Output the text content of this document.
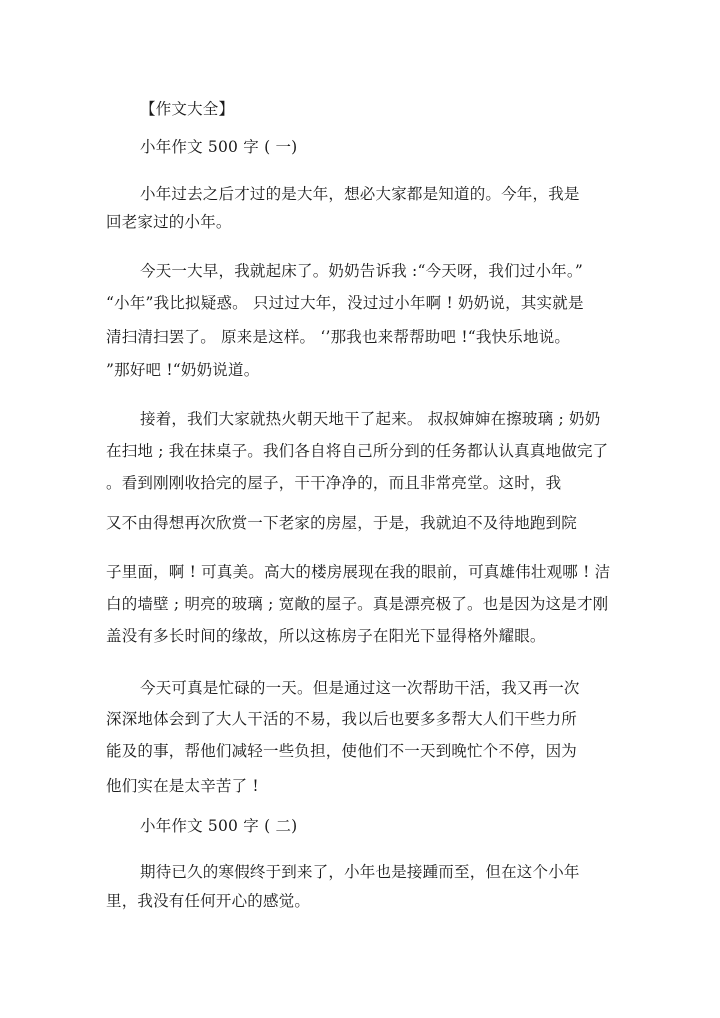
【作文大全】
小年作文 500 字 ( 一)
小年过去之后才过的是大年，想必大家都是知道的。今年，我是
回老家过的小年。
今天一大早，我就起床了。奶奶告诉我 :“今天呀，我们过小年。”
“小年”我比拟疑惑。 只过过大年，没过过小年啊 ! 奶奶说，其实就是
清扫清扫罢了。 原来是这样。 ‘’那我也来帮帮助吧 !“我快乐地说。
”那好吧 !“奶奶说道。
接着，我们大家就热火朝天地干了起来。 叔叔婶婶在擦玻璃 ; 奶奶
在扫地 ; 我在抹桌子。我们各自将自己所分到的任务都认认真真地做完了
。看到刚刚收拾完的屋子，干干净净的，而且非常亮堂。这时，我
又不由得想再次欣赏一下老家的房屋，于是，我就迫不及待地跑到院
子里面，啊 ! 可真美。高大的楼房展现在我的眼前，可真雄伟壮观哪 ! 洁
白的墙壁 ; 明亮的玻璃 ; 宽敞的屋子。真是漂亮极了。也是因为这是才刚
盖没有多长时间的缘故，所以这栋房子在阳光下显得格外耀眼。
今天可真是忙碌的一天。但是通过这一次帮助干活，我又再一次
深深地体会到了大人干活的不易，我以后也要多多帮大人们干些力所
能及的事，帮他们减轻一些负担，使他们不一天到晚忙个不停，因为
他们实在是太辛苦了 !
小年作文 500 字 ( 二)
期待已久的寒假终于到来了，小年也是接踵而至，但在这个小年
里，我没有任何开心的感觉。
